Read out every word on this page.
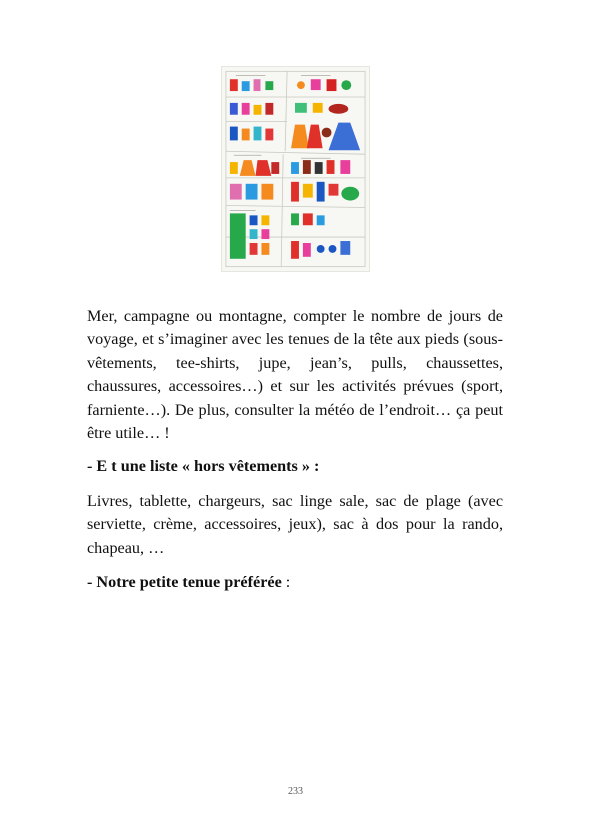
Mer, campagne ou montagne, compter le nombre de jours de voyage, et s’imaginer avec les tenues de la tête aux pieds (sous-vêtements, tee-shirts, jupe, jean’s, pulls, chaussettes, chaussures, accessoires…) et sur les activités prévues (sport, farniente…). De plus, consulter la météo de l’endroit… ça peut être utile… !

- E t une liste « hors vêtements » :

Livres, tablette, chargeurs, sac linge sale, sac de plage (avec serviette, crème, accessoires, jeux), sac à dos pour la rando, chapeau, …

- Notre petite tenue préférée :

233
